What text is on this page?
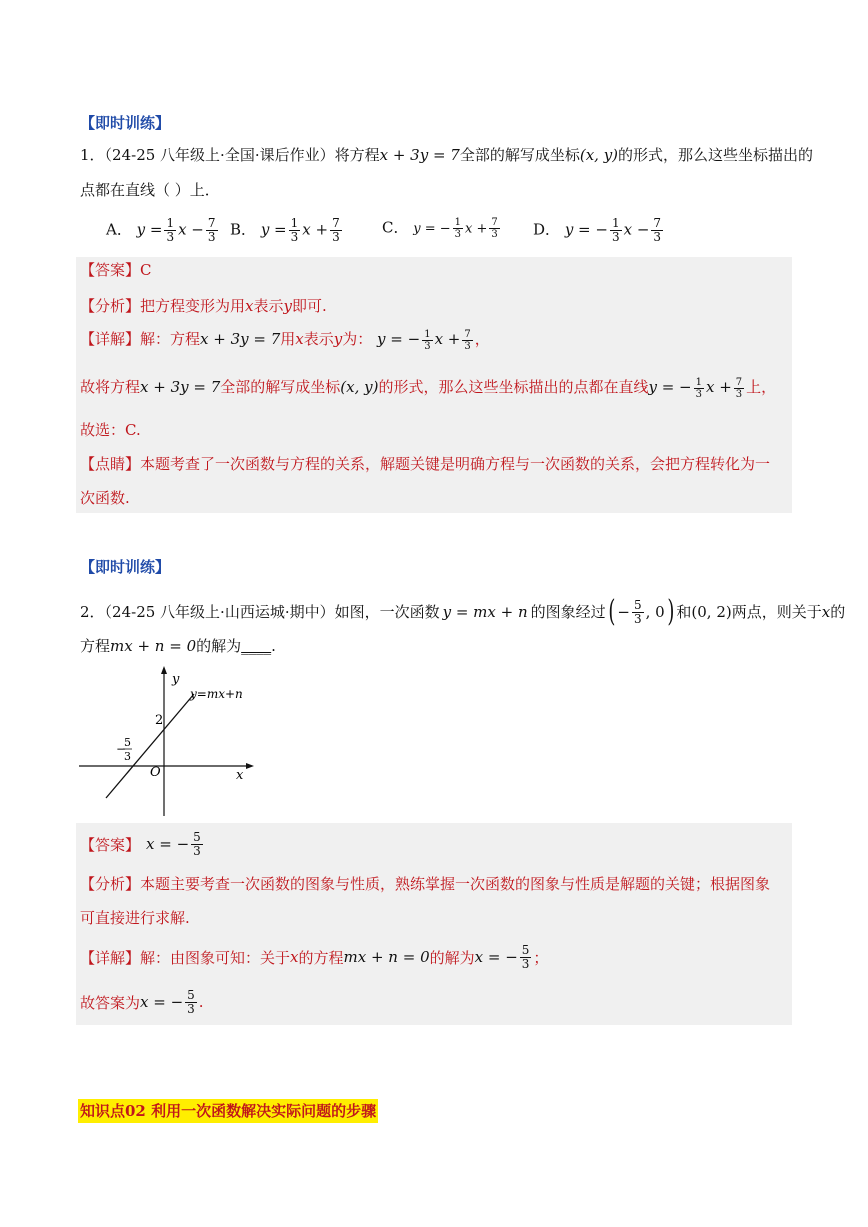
【即时训练】
1．（24-25 八年级上·全国·课后作业）将方程x + 3y = 7全部的解写成坐标(x, y)的形式，那么这些坐标描出的
点都在直线（ ）上．
A． $y = \frac{1}{3}$ $x - \frac{7}{3}$ B． $y = \frac{1}{3}$ $x + \frac{7}{3}$	C． y = − $\frac{1}{3}$ $x + \frac{7}{3}$ D． y = − $\frac{1}{3}$ $x - \frac{7}{3}$
【答案】C
【分析】把方程变形为用x表示y即可.
【详解】解：方程x + 3y = 7用x表示y为： y = − $\frac{1}{3}$ $x + \frac{7}{3}$ ，
故将方程x + 3y = 7全部的解写成坐标(x, y)的形式，那么这些坐标描出的点都在直线y = − $\frac{1}{3}$ $x + \frac{7}{3}$ 上，
故选：C.
【点睛】本题考查了一次函数与方程的关系，解题关键是明确方程与一次函数的关系，会把方程转化为一
次函数.
【即时训练】
2．（24-25 八年级上·山西运城·期中）如图，一次函数 y = mx + n 的图象经过 ( − $\frac{5}{3}$ , 0 ) 和 (0, 2) 两点，则关于 x 的
方程mx + n = 0的解为____.
y
x
O
y=mx+n
2
−
5
3
【答案】 x = − $\frac{5}{3}$
【分析】本题主要考查一次函数的图象与性质，熟练掌握一次函数的图象与性质是解题的关键；根据图象
可直接进行求解.
【详解】 解：由图象可知：关于 x 的方程 mx + n = 0 的解为 x = − $\frac{5}{3}$ ；
故答案为 x = − $\frac{5}{3}$ .
知识点02 利用一次函数解决实际问题的步骤
